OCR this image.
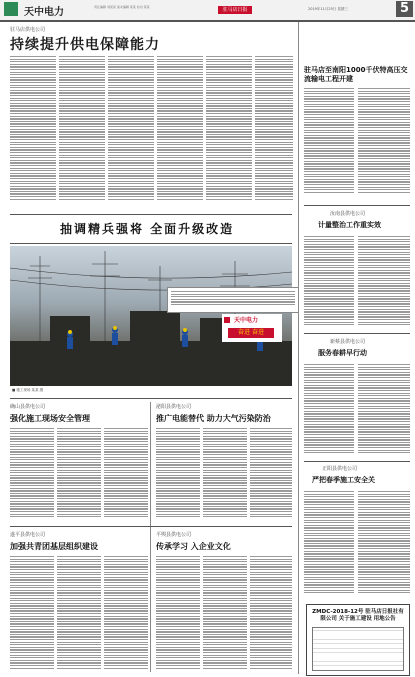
天中电力	责任编辑 刘某某 美术编辑 某某 校对 某某	驻马店日报	2019年11月25日 星期三	5
驻马店供电公司
持续提升供电保障能力
抽调精兵强将 全面升级改造
天中电力
奋进 奋进
■ 施工现场 某某 摄
驻马店至南阳1000千伏特高压交流输电工程开建
汝南县供电公司
计量整治工作重实效
新蔡县供电公司
服务春耕早行动
正阳县供电公司
严把春季施工安全关
ZMDC-2018-12号 驻马店日报社有限公司 关于施工建设 用地公告
确山县供电公司
强化施工现场安全管理
泌阳县供电公司
推广电能替代 助力大气污染防治
遂平县供电公司
加强共青团基层组织建设
平舆县供电公司
传承学习 入企业文化
